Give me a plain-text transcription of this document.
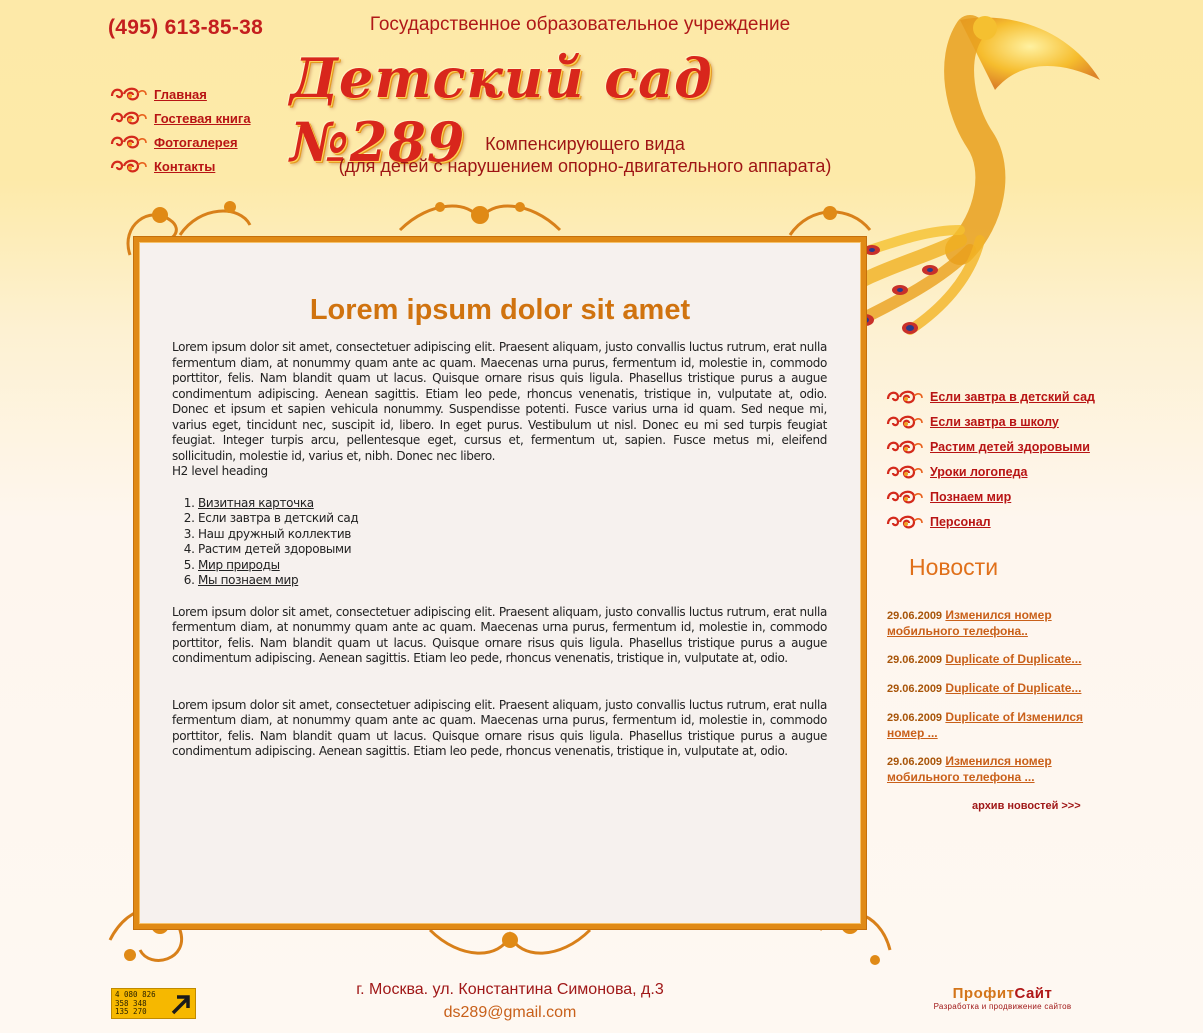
(495) 613-85-38	Государственное образовательное учреждение
Детский сад №289	Компенсирующего вида
(для детей с нарушением опорно-двигательного аппарата)
Главная
Гостевая книга
Фотогалерея
Контакты
Lorem ipsum dolor sit amet

Lorem ipsum dolor sit amet, consectetuer adipiscing elit. Praesent aliquam, justo convallis luctus rutrum, erat nulla fermentum diam, at nonummy quam ante ac quam. Maecenas urna purus, fermentum id, molestie in, commodo porttitor, felis. Nam blandit quam ut lacus. Quisque ornare risus quis ligula. Phasellus tristique purus a augue condimentum adipiscing. Aenean sagittis. Etiam leo pede, rhoncus venenatis, tristique in, vulputate at, odio. Donec et ipsum et sapien vehicula nonummy. Suspendisse potenti. Fusce varius urna id quam. Sed neque mi, varius eget, tincidunt nec, suscipit id, libero. In eget purus. Vestibulum ut nisl. Donec eu mi sed turpis feugiat feugiat. Integer turpis arcu, pellentesque eget, cursus et, fermentum ut, sapien. Fusce metus mi, eleifend sollicitudin, molestie id, varius et, nibh. Donec nec libero.

H2 level heading

1. Визитная карточка
2. Если завтра в детский сад
3. Наш дружный коллектив
4. Растим детей здоровыми
5. Мир природы
6. Мы познаем мир

Lorem ipsum dolor sit amet, consectetuer adipiscing elit. Praesent aliquam, justo convallis luctus rutrum, erat nulla fermentum diam, at nonummy quam ante ac quam. Maecenas urna purus, fermentum id, molestie in, commodo porttitor, felis. Nam blandit quam ut lacus. Quisque ornare risus quis ligula. Phasellus tristique purus a augue condimentum adipiscing. Aenean sagittis. Etiam leo pede, rhoncus venenatis, tristique in, vulputate at, odio.

Lorem ipsum dolor sit amet, consectetuer adipiscing elit. Praesent aliquam, justo convallis luctus rutrum, erat nulla fermentum diam, at nonummy quam ante ac quam. Maecenas urna purus, fermentum id, molestie in, commodo porttitor, felis. Nam blandit quam ut lacus. Quisque ornare risus quis ligula. Phasellus tristique purus a augue condimentum adipiscing. Aenean sagittis. Etiam leo pede, rhoncus venenatis, tristique in, vulputate at, odio.

Если завтра в детский сад
Если завтра в школу
Растим детей здоровыми
Уроки логопеда
Познаем мир
Персонал
Новости
29.06.2009 Изменился номер мобильного телефона..
29.06.2009 Duplicate of Duplicate...
29.06.2009 Duplicate of Duplicate...
29.06.2009 Duplicate of Изменился номер ...
29.06.2009 Изменился номер мобильного телефона ...
архив новостей >>>
4 080 826
358 348
135 270
г. Москва. ул. Константина Симонова, д.3
ds289@gmail.com
ПрофитСайт
Разработка и продвижение сайтов
